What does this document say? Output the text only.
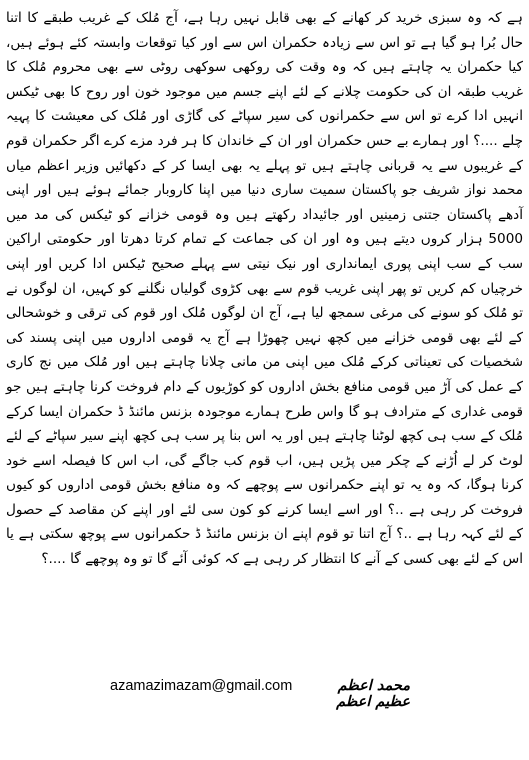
ہے کہ وہ سبزی خرید کر کھانے کے بھی قابل نہیں رہا ہے، آج مُلک کے غریب طبقے کا اتنا حال بُرا ہو گیا ہے تو اس سے زیادہ حکمران اس سے اور کیا توقعات وابستہ کئے ہوئے ہیں، کیا حکمران یہ چاہتے ہیں کہ وہ وقت کی روکھی سوکھی روٹی سے بھی محروم مُلک کا غریب طبقہ ان کی حکومت چلانے کے لئے اپنے جسم میں موجود خون اور روح کا بھی ٹیکس انہیں ادا کرے تو اس سے حکمرانوں کی سیر سپاٹے کی گاڑی اور مُلک کی معیشت کا پہیہ چلے ....؟ اور ہمارے بے حس حکمران اور ان کے خاندان کا ہر فرد مزے کرے اگر حکمران قوم کے غریبوں سے یہ قربانی چاہتے ہیں تو پہلے یہ بھی ایسا کر کے دکھائیں وزیر اعظم میاں محمد نواز شریف جو پاکستان سمیت ساری دنیا میں اپنا کاروبار جمائے ہوئے ہیں اور اپنی آدھے پاکستان جتنی زمینیں اور جائیداد رکھتے ہیں وہ قومی خزانے کو ٹیکس کی مد میں 5000 ہزار کروں دیتے ہیں وہ اور ان کی جماعت کے تمام کرتا دھرتا اور حکومتی اراکین سب کے سب اپنی پوری ایمانداری اور نیک نیتی سے پہلے صحیح ٹیکس ادا کریں اور اپنی خرچیاں کم کریں تو پھر اپنی غریب قوم سے بھی کڑوی گولیاں نگلنے کو کہیں، ان لوگوں نے تو مُلک کو سونے کی مرغی سمجھ لیا ہے، آج ان لوگوں مُلک اور قوم کی ترقی و خوشحالی کے لئے بھی قومی خزانے میں کچھ نہیں چھوڑا ہے آج یہ قومی اداروں میں اپنی پسند کی شخصیات کی تعیناتی کرکے مُلک میں اپنی من مانی چلانا چاہتے ہیں اور مُلک میں نج کاری کے عمل کی آڑ میں قومی منافع بخش اداروں کو کوڑیوں کے دام فروخت کرنا چاہتے ہیں جو قومی غداری کے مترادف ہو گا واس طرح ہمارے موجودہ بزنس مائنڈ ڈ حکمران ایسا کرکے مُلک کے سب ہی کچھ لوٹنا چاہتے ہیں اور یہ اس بنا پر سب ہی کچھ اپنے سیر سپاٹے کے لئے لوٹ کر لے اُڑنے کے چکر میں پڑیں ہیں، اب قوم کب جاگے گی، اب اس کا فیصلہ اسے خود کرنا ہوگا، کہ وہ یہ تو اپنے حکمرانوں سے پوچھے کہ وہ منافع بخش قومی اداروں کو کیوں فروخت کر رہی ہے ..؟ اور اسے ایسا کرنے کو کون سی لئے اور اپنے کن مقاصد کے حصول کے لئے کہہ رہا ہے ..؟ آج اتنا تو قوم اپنے ان بزنس مائنڈ ڈ حکمرانوں سے پوچھ سکتی ہے یا اس کے لئے بھی کسی کے آنے کا انتظار کر رہی ہے کہ کوئی آئے گا تو وہ پوچھے گا ....؟

azamazimazam@gmail.com	محمد اعظم عظیم اعظم
